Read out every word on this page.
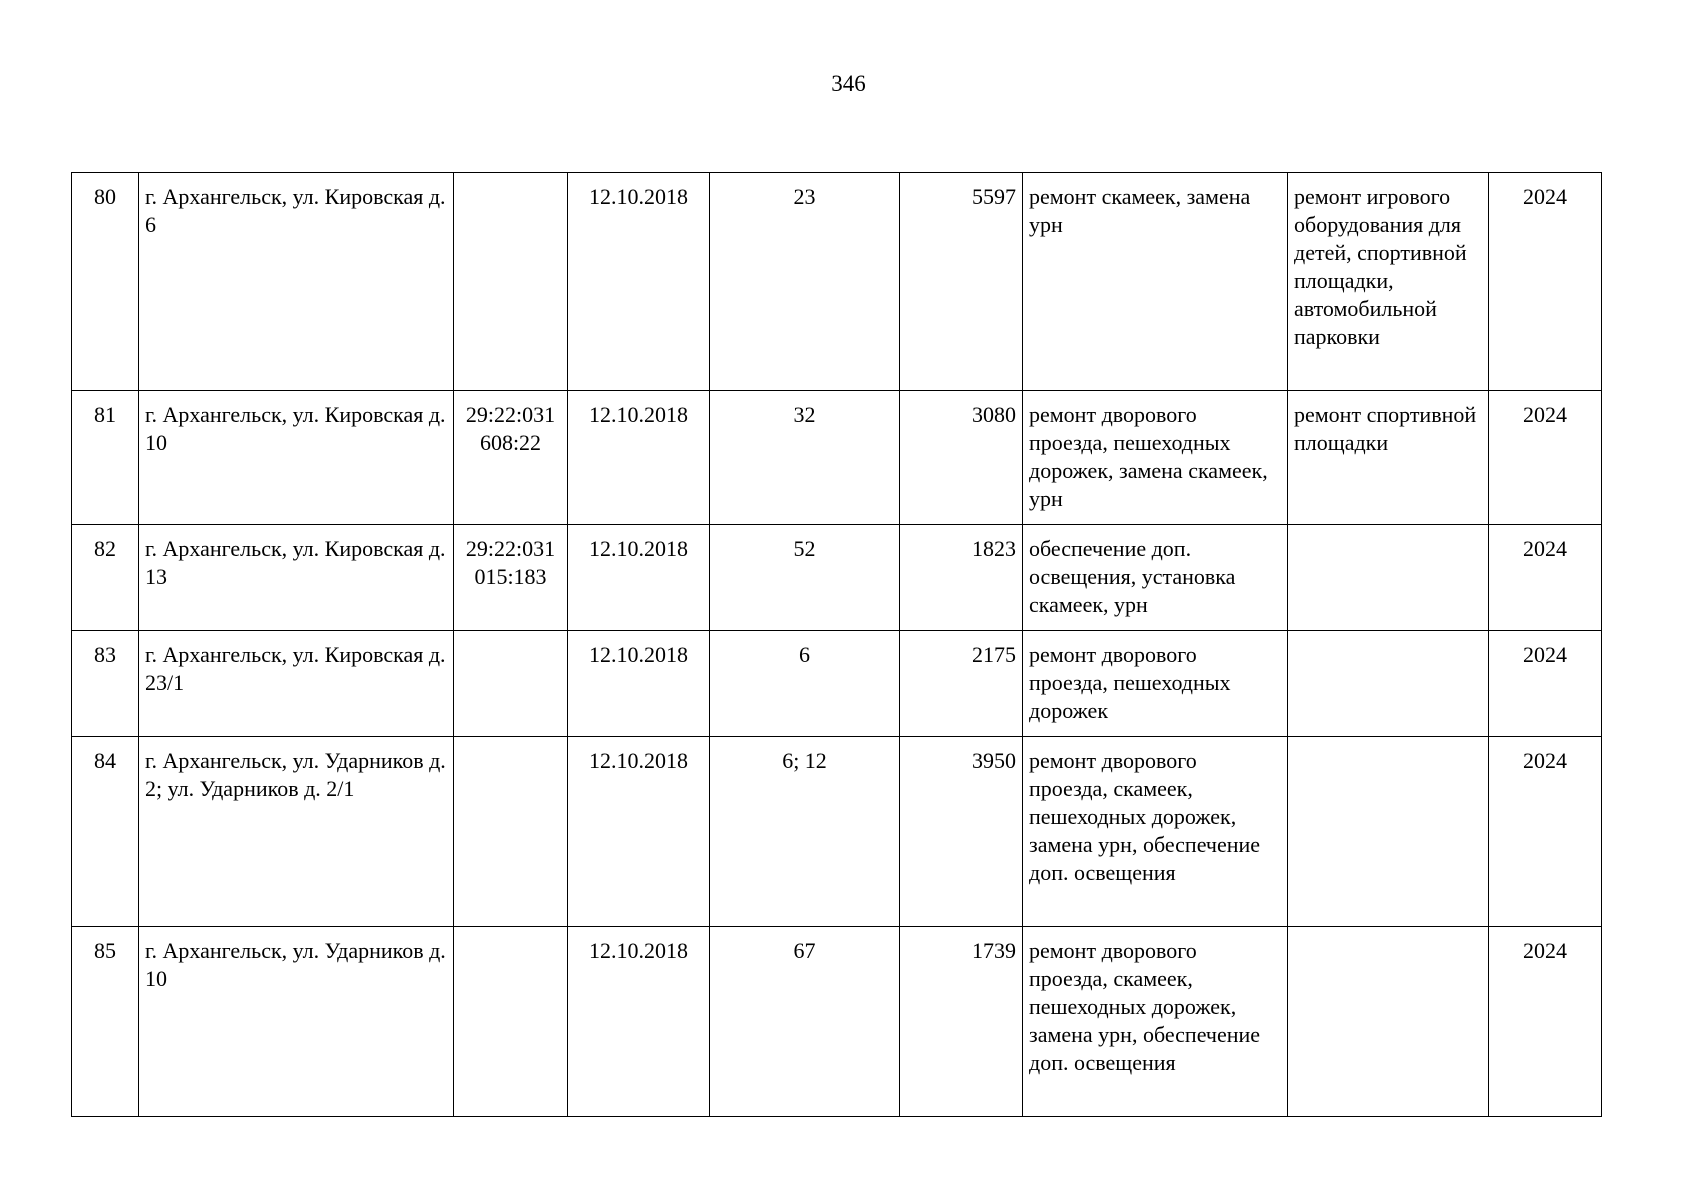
346
80	г. Архангельск, ул. Кировская д. 6		12.10.2018	23	5597	ремонт скамеек, замена урн	ремонт игрового оборудования для детей, спортивной площадки, автомобильной парковки	2024
81	г. Архангельск, ул. Кировская д. 10	29:22:031 608:22	12.10.2018	32	3080	ремонт дворового проезда, пешеходных дорожек, замена скамеек, урн	ремонт спортивной площадки	2024
82	г. Архангельск, ул. Кировская д. 13	29:22:031 015:183	12.10.2018	52	1823	обеспечение доп. освещения, установка скамеек, урн		2024
83	г. Архангельск, ул. Кировская д. 23/1		12.10.2018	6	2175	ремонт дворового проезда, пешеходных дорожек		2024
84	г. Архангельск, ул. Ударников д. 2; ул. Ударников д. 2/1		12.10.2018	6; 12	3950	ремонт дворового проезда, скамеек, пешеходных дорожек, замена урн, обеспечение доп. освещения		2024
85	г. Архангельск, ул. Ударников д. 10		12.10.2018	67	1739	ремонт дворового проезда, скамеек, пешеходных дорожек, замена урн, обеспечение доп. освещения		2024
